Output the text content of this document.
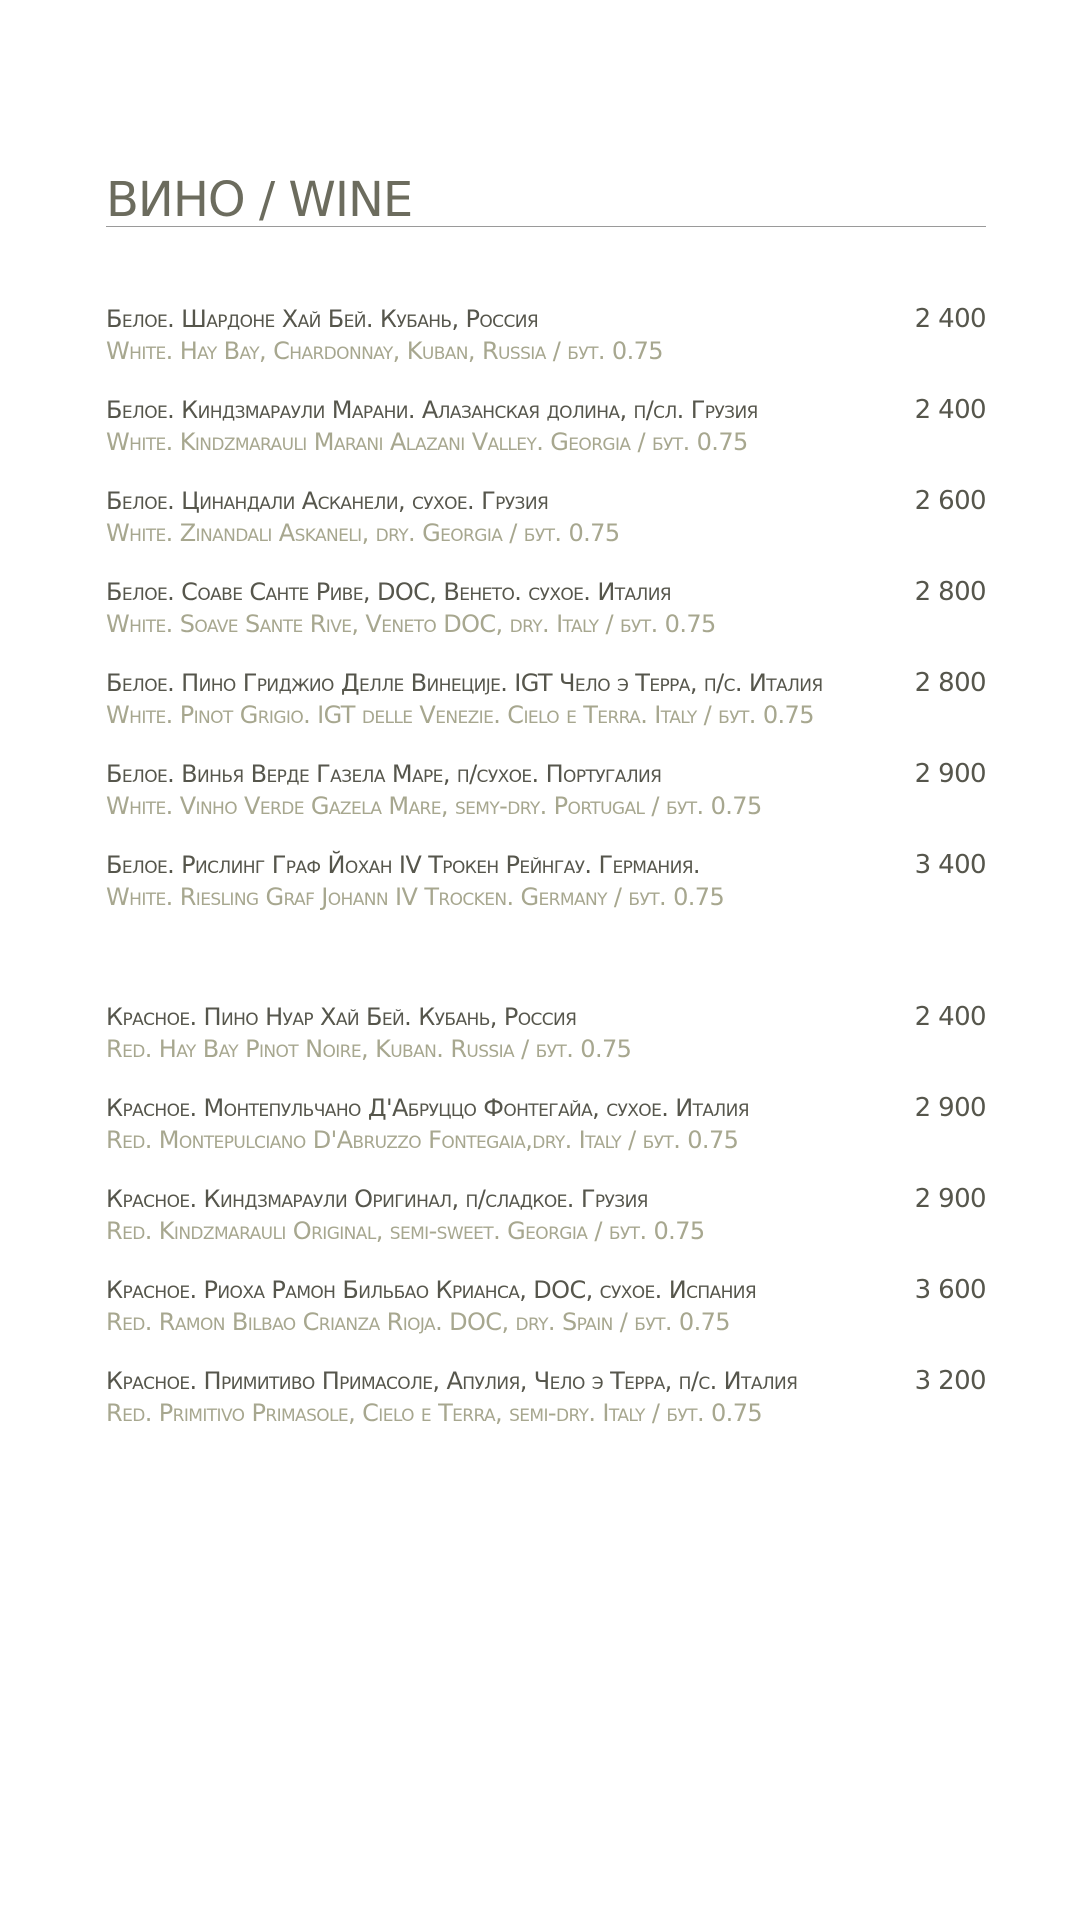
ВИНО / WINE
Белое. Шардоне Хай Бей. Кубань, Россия
White. Hay Bay, Chardonnay, Kuban, Russia / бут. 0.75
2 400
Белое. Киндзмараули Марани. Алазанская долина, п/сл. Грузия
White. Kindzmarauli Marani Alazani Valley. Georgia / бут. 0.75
2 400
Белое. Цинандали Асканели, сухое. Грузия
White. Zinandali Askaneli, dry. Georgia / бут. 0.75
2 600
Белое. Соаве Санте Риве, DOC, Венето. сухое. Италия
White. Soave Sante Rive, Veneto DOC, dry. Italy / бут. 0.75
2 800
Белое. Пино Гриджио Делле Винеције. IGT Чело э Терра, п/с. Италия
White. Pinot Grigio. IGT delle Venezie. Cielo e Terra. Italy / бут. 0.75
2 800
Белое. Винья Верде Газела Маре, п/сухое. Португалия
White. Vinho Verde Gazela Mare, semy-dry. Portugal / бут. 0.75
2 900
Белое. Рислинг Граф Йохан IV Трокен Рейнгау. Германия.
White. Riesling Graf Johann IV Trocken. Germany / бут. 0.75
3 400
Красное. Пино Нуар Хай Бей. Кубань, Россия
Red. Hay Bay Pinot Noire, Kuban. Russia / бут. 0.75
2 400
Красное. Монтепульчано Д'Абруццо Фонтегайа, сухое. Италия
Red. Montepulciano D'Abruzzo Fontegaia,dry. Italy / бут. 0.75
2 900
Красное. Киндзмараули Оригинал, п/сладкое. Грузия
Red. Kindzmarauli Original, semi-sweet. Georgia / бут. 0.75
2 900
Красное. Риоха Рамон Бильбао Крианса, DOC, сухое. Испания
Red. Ramon Bilbao Crianza Rioja. DOC, dry. Spain / бут. 0.75
3 600
Красное. Примитиво Примасоле, Апулия, Чело э Терра, п/с. Италия
Red. Primitivo Primasole, Cielo e Terra, semi-dry. Italy / бут. 0.75
3 200
